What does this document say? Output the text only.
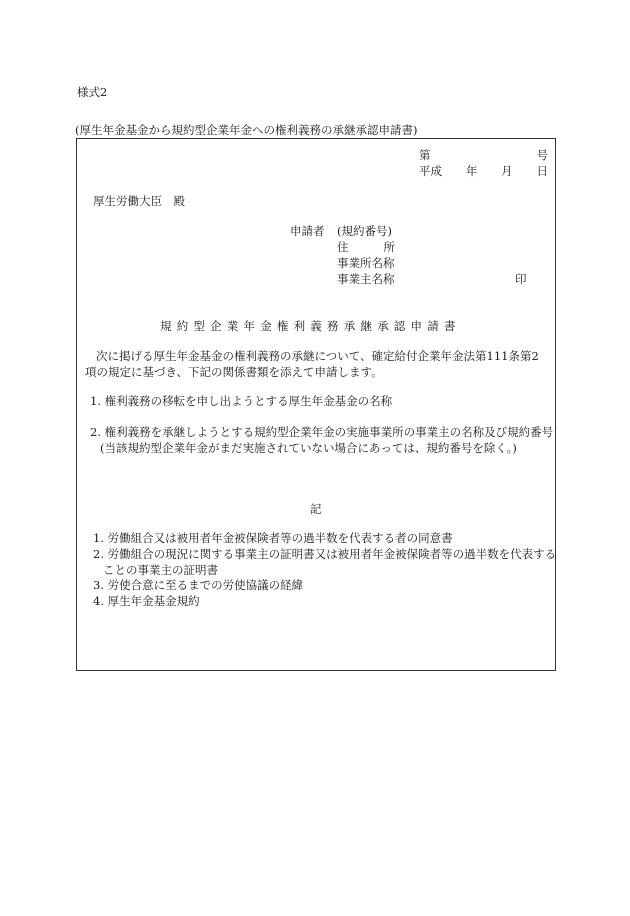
様式2
(厚生年金基金から規約型企業年金への権利義務の承継承認申請書)
第	号
平成 年 月 日
厚生労働大臣　殿
申請者 (規約番号)
住	所
事業所名称
事業主名称	印
規約型企業年金権利義務承継承認申請書
次に掲げる厚生年金基金の権利義務の承継について、確定給付企業年金法第111条第2項の規定に基づき、下記の関係書類を添えて申請します。
1. 権利義務の移転を申し出ようとする厚生年金基金の名称
2. 権利義務を承継しようとする規約型企業年金の実施事業所の事業主の名称及び規約番号(当該規約型企業年金がまだ実施されていない場合にあっては、規約番号を除く。)
記
1. 労働組合又は被用者年金被保険者等の過半数を代表する者の同意書
2. 労働組合の現況に関する事業主の証明書又は被用者年金被保険者等の過半数を代表することの事業主の証明書
3. 労使合意に至るまでの労使協議の経緯
4. 厚生年金基金規約
